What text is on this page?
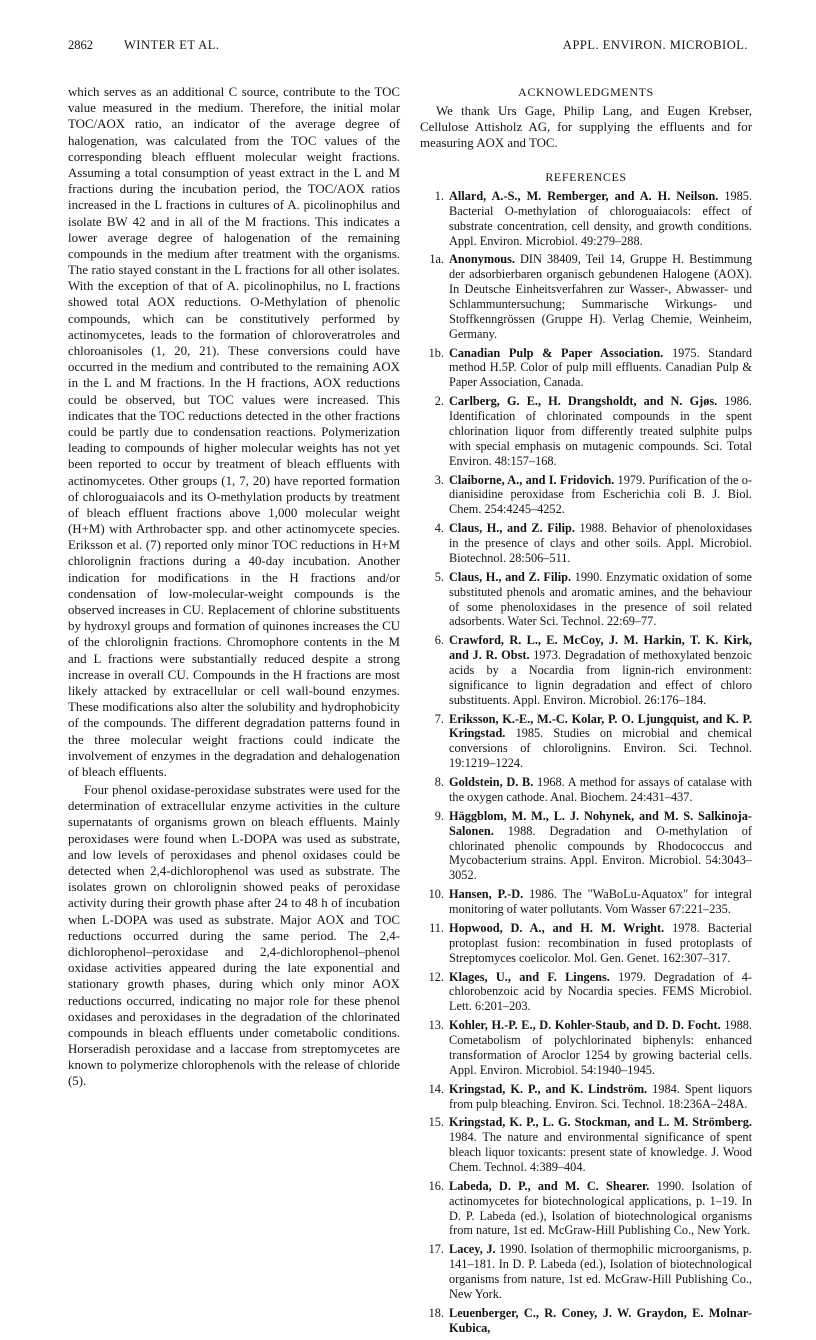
2862 WINTER ET AL.	APPL. ENVIRON. MICROBIOL.

which serves as an additional C source, contribute to the TOC value measured in the medium. Therefore, the initial molar TOC/AOX ratio, an indicator of the average degree of halogenation, was calculated from the TOC values of the corresponding bleach effluent molecular weight fractions. Assuming a total consumption of yeast extract in the L and M fractions during the incubation period, the TOC/AOX ratios increased in the L fractions in cultures of A. picolinophilus and isolate BW 42 and in all of the M fractions. This indicates a lower average degree of halogenation of the remaining compounds in the medium after treatment with the organisms. The ratio stayed constant in the L fractions for all other isolates. With the exception of that of A. picolinophilus, no L fractions showed total AOX reductions. O-Methylation of phenolic compounds, which can be constitutively performed by actinomycetes, leads to the formation of chloroveratroles and chloroanisoles (1, 20, 21). These conversions could have occurred in the medium and contributed to the remaining AOX in the L and M fractions. In the H fractions, AOX reductions could be observed, but TOC values were increased. This indicates that the TOC reductions detected in the other fractions could be partly due to condensation reactions. Polymerization leading to compounds of higher molecular weights has not yet been reported to occur by treatment of bleach effluents with actinomycetes. Other groups (1, 7, 20) have reported formation of chloroguaiacols and its O-methylation products by treatment of bleach effluent fractions above 1,000 molecular weight (H+M) with Arthrobacter spp. and other actinomycete species. Eriksson et al. (7) reported only minor TOC reductions in H+M chlorolignin fractions during a 40-day incubation. Another indication for modifications in the H fractions and/or condensation of low-molecular-weight compounds is the observed increases in CU. Replacement of chlorine substituents by hydroxyl groups and formation of quinones increases the CU of the chlorolignin fractions. Chromophore contents in the M and L fractions were substantially reduced despite a strong increase in overall CU. Compounds in the H fractions are most likely attacked by extracellular or cell wall-bound enzymes. These modifications also alter the solubility and hydrophobicity of the compounds. The different degradation patterns found in the three molecular weight fractions could indicate the involvement of enzymes in the degradation and dehalogenation of bleach effluents.

Four phenol oxidase-peroxidase substrates were used for the determination of extracellular enzyme activities in the culture supernatants of organisms grown on bleach effluents. Mainly peroxidases were found when L-DOPA was used as substrate, and low levels of peroxidases and phenol oxidases could be detected when 2,4-dichlorophenol was used as substrate. The isolates grown on chlorolignin showed peaks of peroxidase activity during their growth phase after 24 to 48 h of incubation when L-DOPA was used as substrate. Major AOX and TOC reductions occurred during the same period. The 2,4-dichlorophenol–peroxidase and 2,4-dichlorophenol–phenol oxidase activities appeared during the late exponential and stationary growth phases, during which only minor AOX reductions occurred, indicating no major role for these phenol oxidases and peroxidases in the degradation of the chlorinated compounds in bleach effluents under cometabolic conditions. Horseradish peroxidase and a laccase from streptomycetes are known to polymerize chlorophenols with the release of chloride (5).

ACKNOWLEDGMENTS

We thank Urs Gage, Philip Lang, and Eugen Krebser, Cellulose Attisholz AG, for supplying the effluents and for measuring AOX and TOC.

REFERENCES
1. Allard, A.-S., M. Remberger, and A. H. Neilson. 1985. Bacterial O-methylation of chloroguaiacols: effect of substrate concentration, cell density, and growth conditions. Appl. Environ. Microbiol. 49:279–288.
1a. Anonymous. DIN 38409, Teil 14, Gruppe H. Bestimmung der adsorbierbaren organisch gebundenen Halogene (AOX). In Deutsche Einheitsverfahren zur Wasser-, Abwasser- und Schlammuntersuchung; Summarische Wirkungs- und Stoffkenngrössen (Gruppe H). Verlag Chemie, Weinheim, Germany.
1b. Canadian Pulp & Paper Association. 1975. Standard method H.5P. Color of pulp mill effluents. Canadian Pulp & Paper Association, Canada.
2. Carlberg, G. E., H. Drangsholdt, and N. Gjøs. 1986. Identification of chlorinated compounds in the spent chlorination liquor from differently treated sulphite pulps with special emphasis on mutagenic compounds. Sci. Total Environ. 48:157–168.
3. Claiborne, A., and I. Fridovich. 1979. Purification of the o-dianisidine peroxidase from Escherichia coli B. J. Biol. Chem. 254:4245–4252.
4. Claus, H., and Z. Filip. 1988. Behavior of phenoloxidases in the presence of clays and other soils. Appl. Microbiol. Biotechnol. 28:506–511.
5. Claus, H., and Z. Filip. 1990. Enzymatic oxidation of some substituted phenols and aromatic amines, and the behaviour of some phenoloxidases in the presence of soil related adsorbents. Water Sci. Technol. 22:69–77.
6. Crawford, R. L., E. McCoy, J. M. Harkin, T. K. Kirk, and J. R. Obst. 1973. Degradation of methoxylated benzoic acids by a Nocardia from lignin-rich environment: significance to lignin degradation and effect of chloro substituents. Appl. Environ. Microbiol. 26:176–184.
7. Eriksson, K.-E., M.-C. Kolar, P. O. Ljungquist, and K. P. Kringstad. 1985. Studies on microbial and chemical conversions of chlorolignins. Environ. Sci. Technol. 19:1219–1224.
8. Goldstein, D. B. 1968. A method for assays of catalase with the oxygen cathode. Anal. Biochem. 24:431–437.
9. Häggblom, M. M., L. J. Nohynek, and M. S. Salkinoja-Salonen. 1988. Degradation and O-methylation of chlorinated phenolic compounds by Rhodococcus and Mycobacterium strains. Appl. Environ. Microbiol. 54:3043–3052.
10. Hansen, P.-D. 1986. The "WaBoLu-Aquatox" for integral monitoring of water pollutants. Vom Wasser 67:221–235.
11. Hopwood, D. A., and H. M. Wright. 1978. Bacterial protoplast fusion: recombination in fused protoplasts of Streptomyces coelicolor. Mol. Gen. Genet. 162:307–317.
12. Klages, U., and F. Lingens. 1979. Degradation of 4-chlorobenzoic acid by Nocardia species. FEMS Microbiol. Lett. 6:201–203.
13. Kohler, H.-P. E., D. Kohler-Staub, and D. D. Focht. 1988. Cometabolism of polychlorinated biphenyls: enhanced transformation of Aroclor 1254 by growing bacterial cells. Appl. Environ. Microbiol. 54:1940–1945.
14. Kringstad, K. P., and K. Lindström. 1984. Spent liquors from pulp bleaching. Environ. Sci. Technol. 18:236A–248A.
15. Kringstad, K. P., L. G. Stockman, and L. M. Strömberg. 1984. The nature and environmental significance of spent bleach liquor toxicants: present state of knowledge. J. Wood Chem. Technol. 4:389–404.
16. Labeda, D. P., and M. C. Shearer. 1990. Isolation of actinomycetes for biotechnological applications, p. 1–19. In D. P. Labeda (ed.), Isolation of biotechnological organisms from nature, 1st ed. McGraw-Hill Publishing Co., New York.
17. Lacey, J. 1990. Isolation of thermophilic microorganisms, p. 141–181. In D. P. Labeda (ed.), Isolation of biotechnological organisms from nature, 1st ed. McGraw-Hill Publishing Co., New York.
18. Leuenberger, C., R. Coney, J. W. Graydon, E. Molnar-Kubica,
